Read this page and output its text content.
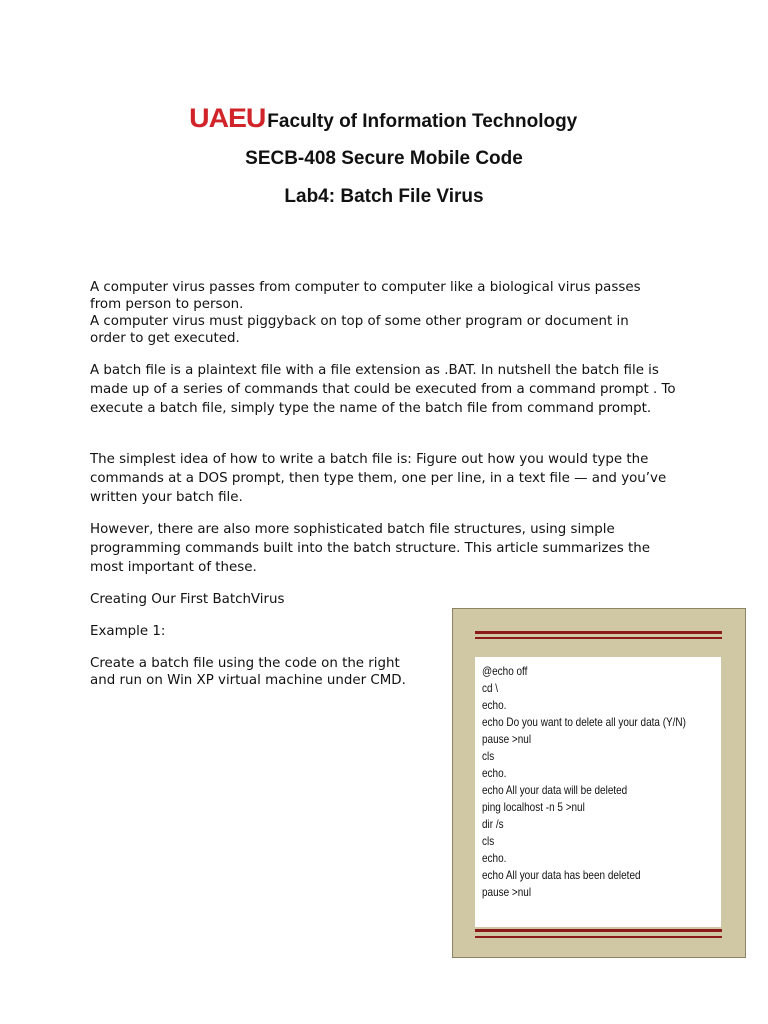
UAEU Faculty of Information Technology
SECB-408 Secure Mobile Code
Lab4: Batch File Virus
A computer virus passes from computer to computer like a biological virus passes
from person to person.
A computer virus must piggyback on top of some other program or document in
order to get executed.

A batch file is a plaintext file with a file extension as .BAT. In nutshell the batch file is made up of a series of commands that could be executed from a command prompt . To execute a batch file, simply type the name of the batch file from command prompt.

The simplest idea of how to write a batch file is: Figure out how you would type the commands at a DOS prompt, then type them, one per line, in a text file — and you’ve written your batch file.

However, there are also more sophisticated batch file structures, using simple programming commands built into the batch structure. This article summarizes the most important of these.

Creating Our First BatchVirus

Example 1:

Create a batch file using the code on the right
and run on Win XP virtual machine under CMD.
@echo off
cd \
echo.
echo Do you want to delete all your data (Y/N)
pause >nul
cls
echo.
echo All your data will be deleted
ping localhost -n 5 >nul
dir /s
cls
echo.
echo All your data has been deleted
pause >nul
